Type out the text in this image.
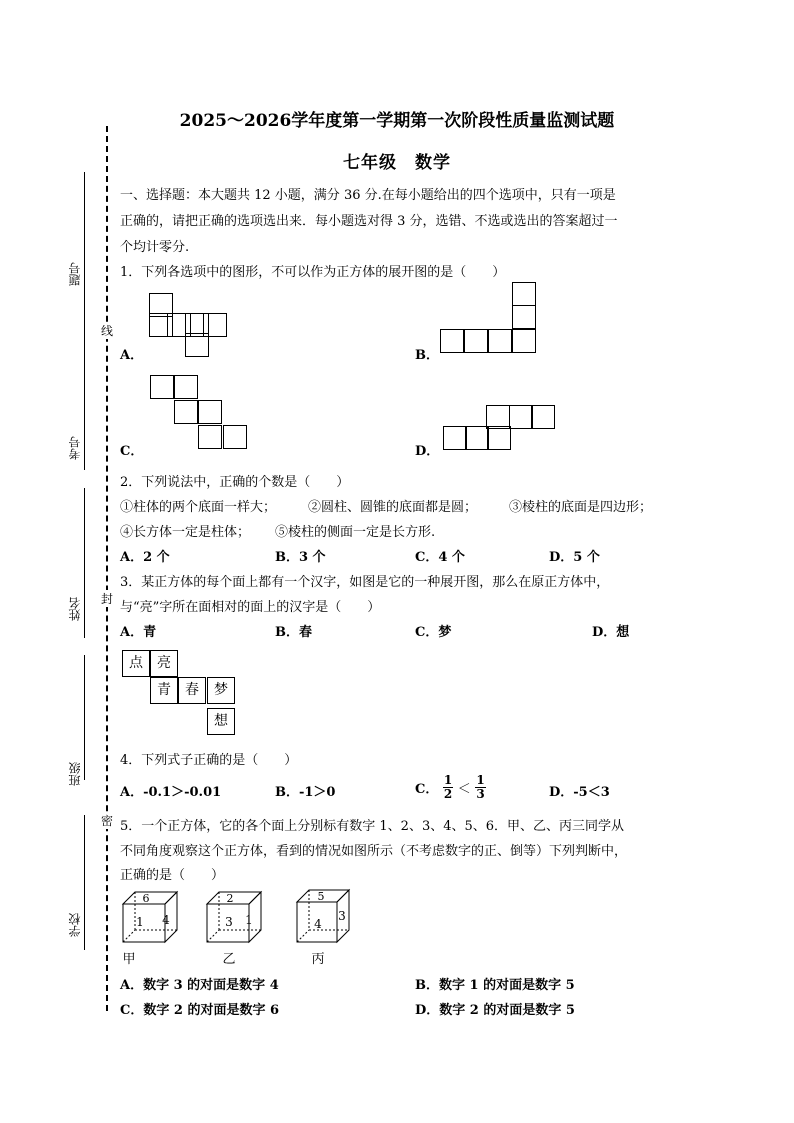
题号
考号
姓名
班级
学校
线
封
密
2025～2026学年度第一学期第一次阶段性质量监测试题
七年级　数学
一、选择题：本大题共 12 小题，满分 36 分.在每小题给出的四个选项中，只有一项是
正确的，请把正确的选项选出来．每小题选对得 3 分，选错、不选或选出的答案超过一
个均计零分.
1．下列各选项中的图形，不可以作为正方体的展开图的是（　　）
A．	B．
C．	D．
2．下列说法中，正确的个数是（　　）
①柱体的两个底面一样大； ②圆柱、圆锥的底面都是圆； ③棱柱的底面是四边形；
④长方体一定是柱体； ⑤棱柱的侧面一定是长方形.
A．2 个	B．3 个	C．4 个	D．5 个
3．某正方体的每个面上都有一个汉字，如图是它的一种展开图，那么在原正方体中，
与“亮”字所在面相对的面上的汉字是（　　）
A．青	B．春	C．梦	D．想
点	亮
青	春	梦
想
4．下列式子正确的是（　　）
A．-0.1＞-0.01	B．-1＞0	C． $\frac{1}{2} < \frac{1}{3}$	D．-5＜3
5．一个正方体，它的各个面上分别标有数字 1、2、3、4、5、6．甲、乙、丙三同学从
不同角度观察这个正方体，看到的情况如图所示（不考虑数字的正、倒等）下列判断中，
正确的是（　　）
6
1 4
甲
2
3 1
乙
5
4
3
丙
A．数字 3 的对面是数字 4	B．数字 1 的对面是数字 5
C．数字 2 的对面是数字 6	D．数字 2 的对面是数字 5
